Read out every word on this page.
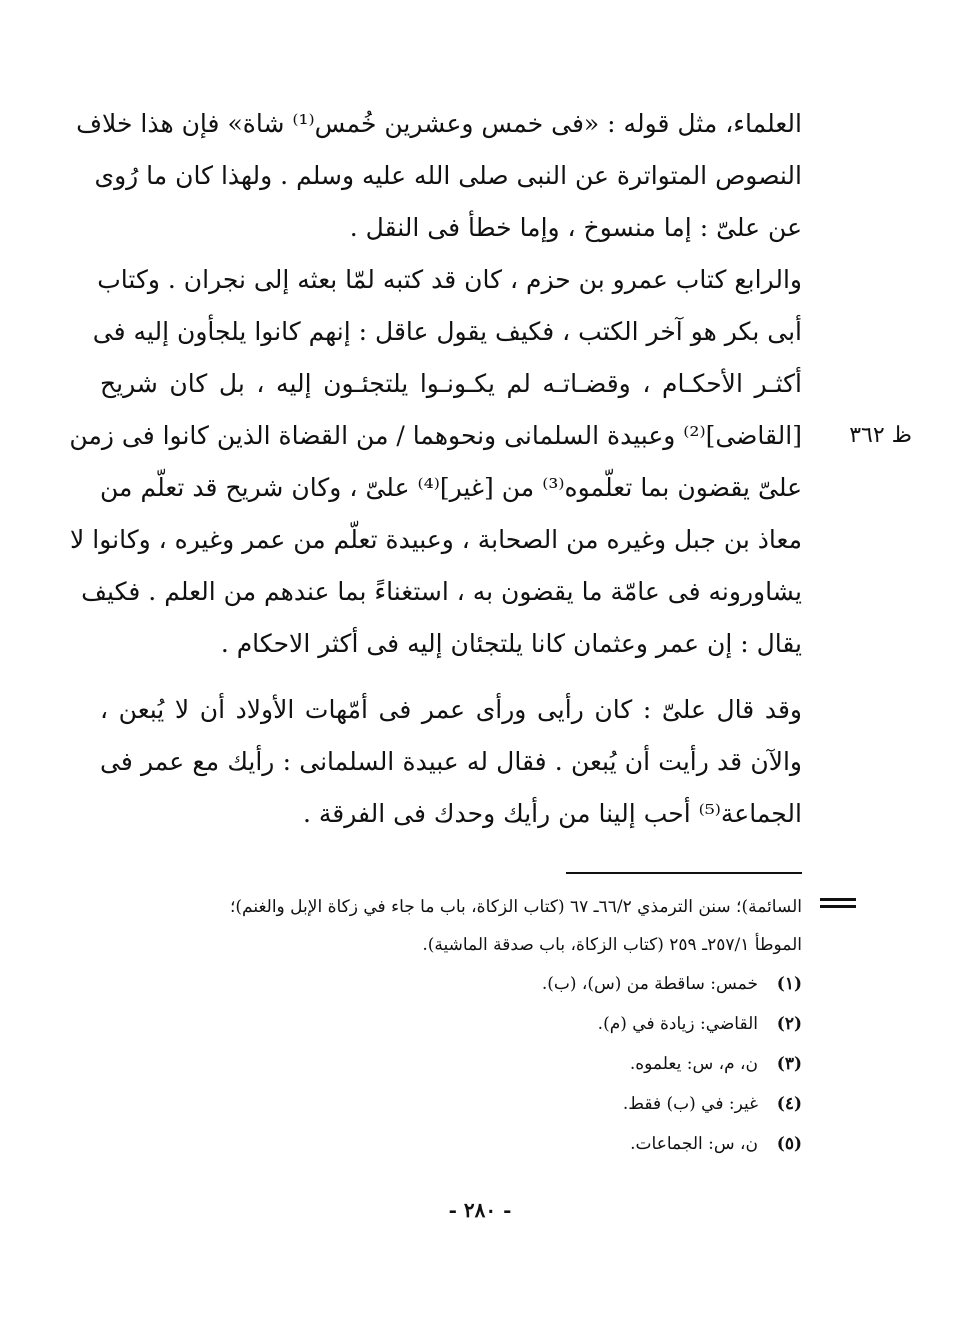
العلماء، مثل قوله : «فى خمس وعشرين خُمس⁽¹⁾ شاة» فإن هذا خلاف
النصوص المتواترة عن النبى صلى الله عليه وسلم . ولهذا كان ما رُوى
عن علىّ : إما منسوخ ، وإما خطأ فى النقل .
والرابع كتاب عمرو بن حزم ، كان قد كتبه لمّا بعثه إلى نجران . وكتاب
أبى بكر هو آخر الكتب ، فكيف يقول عاقل : إنهم كانوا يلجأون إليه فى
أكثـر الأحكـام ، وقضـاتـه لم يكـونـوا يلتجئـون إليه ، بل كان شريح
[القاضى]⁽²⁾ وعبيدة السلمانى ونحوهما / من القضاة الذين كانوا فى زمن
علىّ يقضون بما تعلّموه⁽³⁾ من [غير]⁽⁴⁾ علىّ ، وكان شريح قد تعلّم من
معاذ بن جبل وغيره من الصحابة ، وعبيدة تعلّم من عمر وغيره ، وكانوا لا
يشاورونه فى عامّة ما يقضون به ، استغناءً بما عندهم من العلم . فكيف
يقال : إن عمر وعثمان كانا يلتجئان إليه فى أكثر الاحكام .
وقد قال علىّ : كان رأيى ورأى عمر فى أمّهات الأولاد أن لا يُبعن ،
والآن قد رأيت أن يُبعن . فقال له عبيدة السلمانى : رأيك مع عمر فى
الجماعة⁽⁵⁾ أحب إلينا من رأيك وحدك فى الفرقة .
ظ ٣٦٢
السائمة)؛ سنن الترمذي ٦٦/٢ـ ٦٧ (كتاب الزكاة، باب ما جاء في زكاة الإبل والغنم)؛
الموطأ ٢٥٧/١ـ ٢٥٩ (كتاب الزكاة، باب صدقة الماشية).
(١)خمس: ساقطة من (س)، (ب).
(٢)القاضي: زيادة في (م).
(٣)ن، م، س: يعلموه.
(٤)غير: في (ب) فقط.
(٥)ن، س: الجماعات.
- ٢٨٠ -
